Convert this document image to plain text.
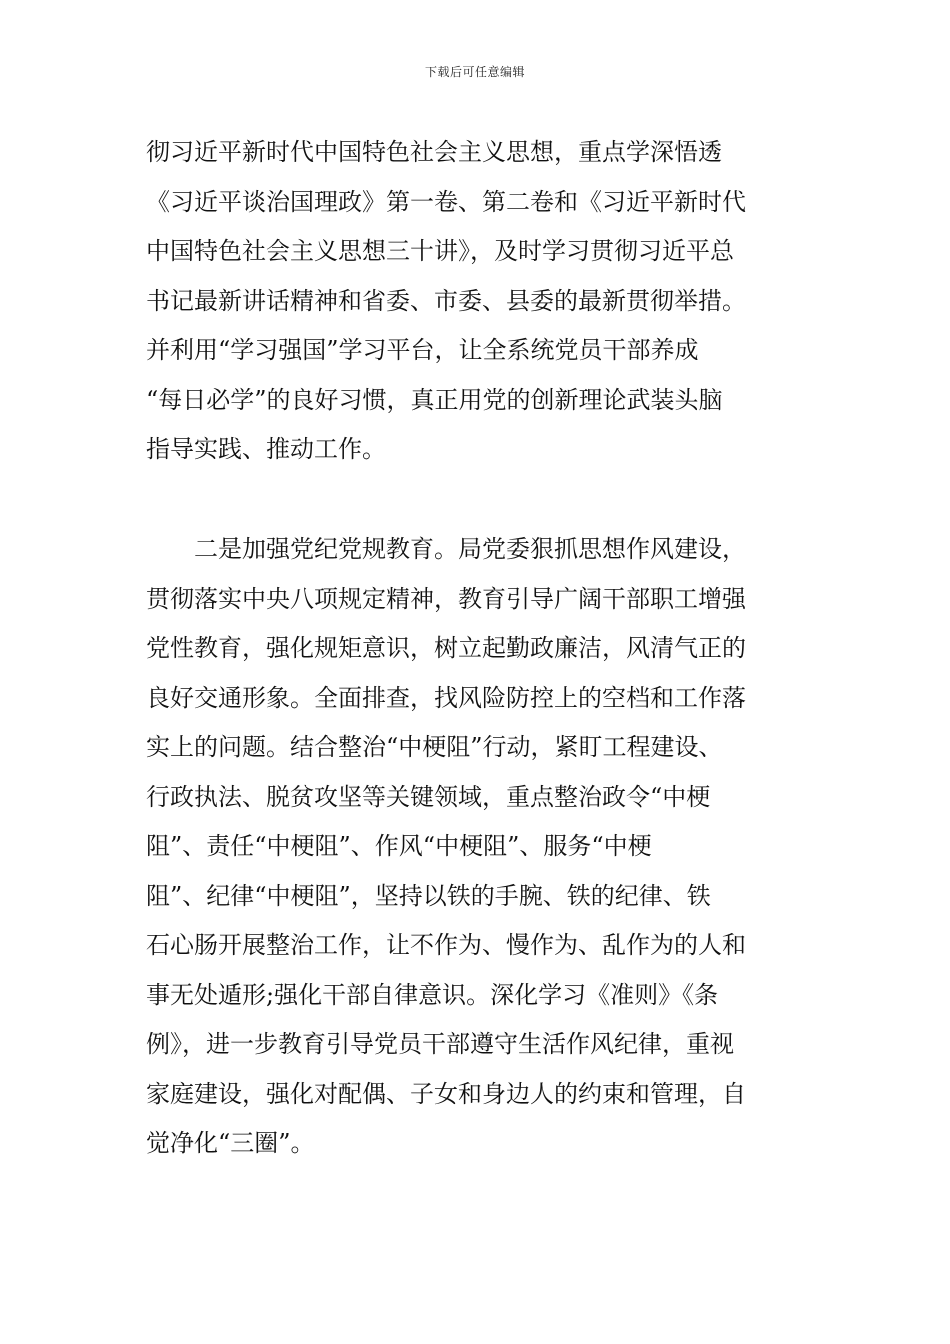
下载后可任意编辑
彻习近平新时代中国特色社会主义思想，重点学深悟透
《习近平谈治国理政》第一卷、第二卷和《习近平新时代
中国特色社会主义思想三十讲》，及时学习贯彻习近平总
书记最新讲话精神和省委、市委、县委的最新贯彻举措。
并利用“学习强国”学习平台，让全系统党员干部养成
“每日必学”的良好习惯，真正用党的创新理论武装头脑
指导实践、推动工作。
　　二是加强党纪党规教育。局党委狠抓思想作风建设，
贯彻落实中央八项规定精神，教育引导广阔干部职工增强
党性教育，强化规矩意识，树立起勤政廉洁，风清气正的
良好交通形象。全面排查，找风险防控上的空档和工作落
实上的问题。结合整治“中梗阻”行动，紧盯工程建设、
行政执法、脱贫攻坚等关键领域，重点整治政令“中梗
阻”、责任“中梗阻”、作风“中梗阻”、服务“中梗
阻”、纪律“中梗阻”，坚持以铁的手腕、铁的纪律、铁
石心肠开展整治工作，让不作为、慢作为、乱作为的人和
事无处遁形;强化干部自律意识。深化学习《准则》《条
例》，进一步教育引导党员干部遵守生活作风纪律，重视
家庭建设，强化对配偶、子女和身边人的约束和管理，自
觉净化“三圈”。
